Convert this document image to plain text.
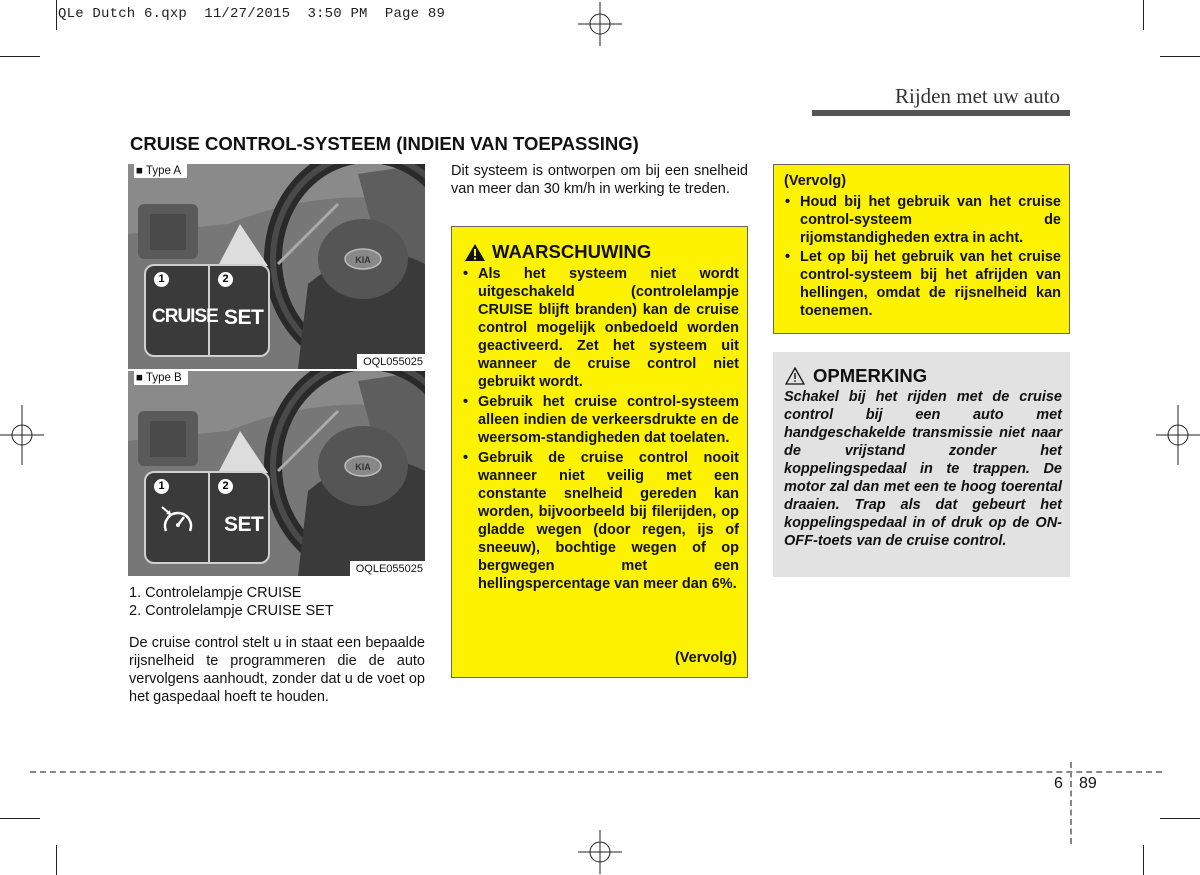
QLe Dutch 6.qxp  11/27/2015  3:50 PM  Page 89
Rijden met uw auto
CRUISE CONTROL-SYSTEEM (INDIEN VAN TOEPASSING)
KIA
■ Type A
1	2
CRUISE SET
OQL055025
KIA
■ Type B
1	2
SET
OQLE055025
1. Controlelampje CRUISE
2. Controlelampje CRUISE SET
De cruise control stelt u in staat een bepaalde rijsnelheid te programmeren die de auto vervolgens aanhoudt, zonder dat u de voet op het gaspedaal hoeft te houden.
Dit systeem is ontworpen om bij een snelheid van meer dan 30 km/h in werking te treden.
WAARSCHUWING
• Als het systeem niet wordt uitgeschakeld (controlelampje CRUISE blijft branden) kan de cruise control mogelijk onbedoeld worden geactiveerd. Zet het systeem uit wanneer de cruise control niet gebruikt wordt.
• Gebruik het cruise control-systeem alleen indien de verkeersdrukte en de weersom-standigheden dat toelaten.
• Gebruik de cruise control nooit wanneer niet veilig met een constante snelheid gereden kan worden, bijvoorbeeld bij filerijden, op gladde wegen (door regen, ijs of sneeuw), bochtige wegen of op bergwegen met een hellingspercentage van meer dan 6%.
(Vervolg)
(Vervolg)
• Houd bij het gebruik van het cruise control-systeem de rijomstandigheden extra in acht.
• Let op bij het gebruik van het cruise control-systeem bij het afrijden van hellingen, omdat de rijsnelheid kan toenemen.
OPMERKING
Schakel bij het rijden met de cruise control bij een auto met handgeschakelde transmissie niet naar de vrijstand zonder het koppelingspedaal in te trappen. De motor zal dan met een te hoog toerental draaien. Trap als dat gebeurt het koppelingspedaal in of druk op de ON-OFF-toets van de cruise control.
6 89
